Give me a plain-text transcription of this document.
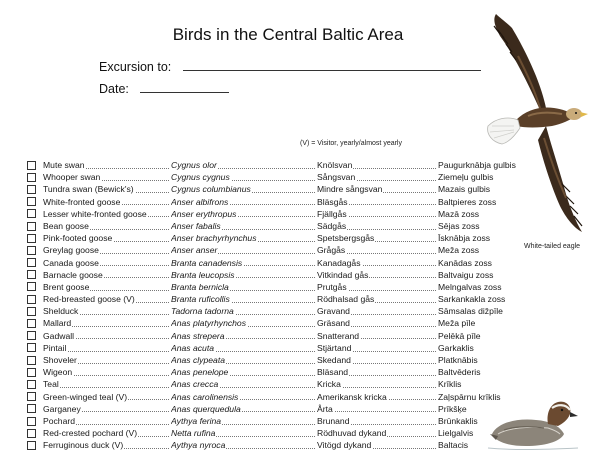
Birds in the Central Baltic Area
Excursion to:
Date:
(V) = Visitor, yearly/almost yearly
White-tailed eagle
Mute swan	Cygnus olor	Knölsvan	Paugurknābja gulbis
Whooper swan	Cygnus cygnus	Sångsvan	Ziemeļu gulbis
Tundra swan (Bewick's)	Cygnus columbianus	Mindre sångsvan	Mazais gulbis
White-fronted goose	Anser albifrons	Bläsgås	Baltpieres zoss
Lesser white-fronted goose	Anser erythropus	Fjällgås	Mazā zoss
Bean goose	Anser fabalis	Sädgås	Sējas zoss
Pink-footed goose	Anser brachyrhynchus	Spetsbergsgås	Īsknābja zoss
Greylag goose	Anser anser	Grågås	Meža zoss
Canada goose	Branta canadensis	Kanadagås	Kanādas zoss
Barnacle goose	Branta leucopsis	Vitkindad gås	Baltvaigu zoss
Brent goose	Branta bernicla	Prutgås	Melngalvas zoss
Red-breasted goose (V)	Branta ruficollis	Rödhalsad gås	Sarkankakla zoss
Shelduck	Tadorna tadorna	Gravand	Sāmsalas dižpīle
Mallard	Anas platyrhynchos	Gräsand	Meža pīle
Gadwall	Anas strepera	Snatterand	Pelēkā pīle
Pintail	Anas acuta	Stjärtand	Garkaklis
Shoveler	Anas clypeata	Skedand	Platknābis
Wigeon	Anas penelope	Bläsand	Baltvēderis
Teal	Anas crecca	Kricka	Krīklis
Green-winged teal (V)	Anas carolinensis	Amerikansk kricka	Zaļspārnu krīklis
Garganey	Anas querquedula	Årta	Prīkšķe
Pochard	Aythya ferina	Brunand	Brūnkaklis
Red-crested pochard (V)	Netta rufina	Rödhuvad dykand	Lielgalvis
Ferruginous duck (V)	Aythya nyroca	Vitögd dykand	Baltacis
